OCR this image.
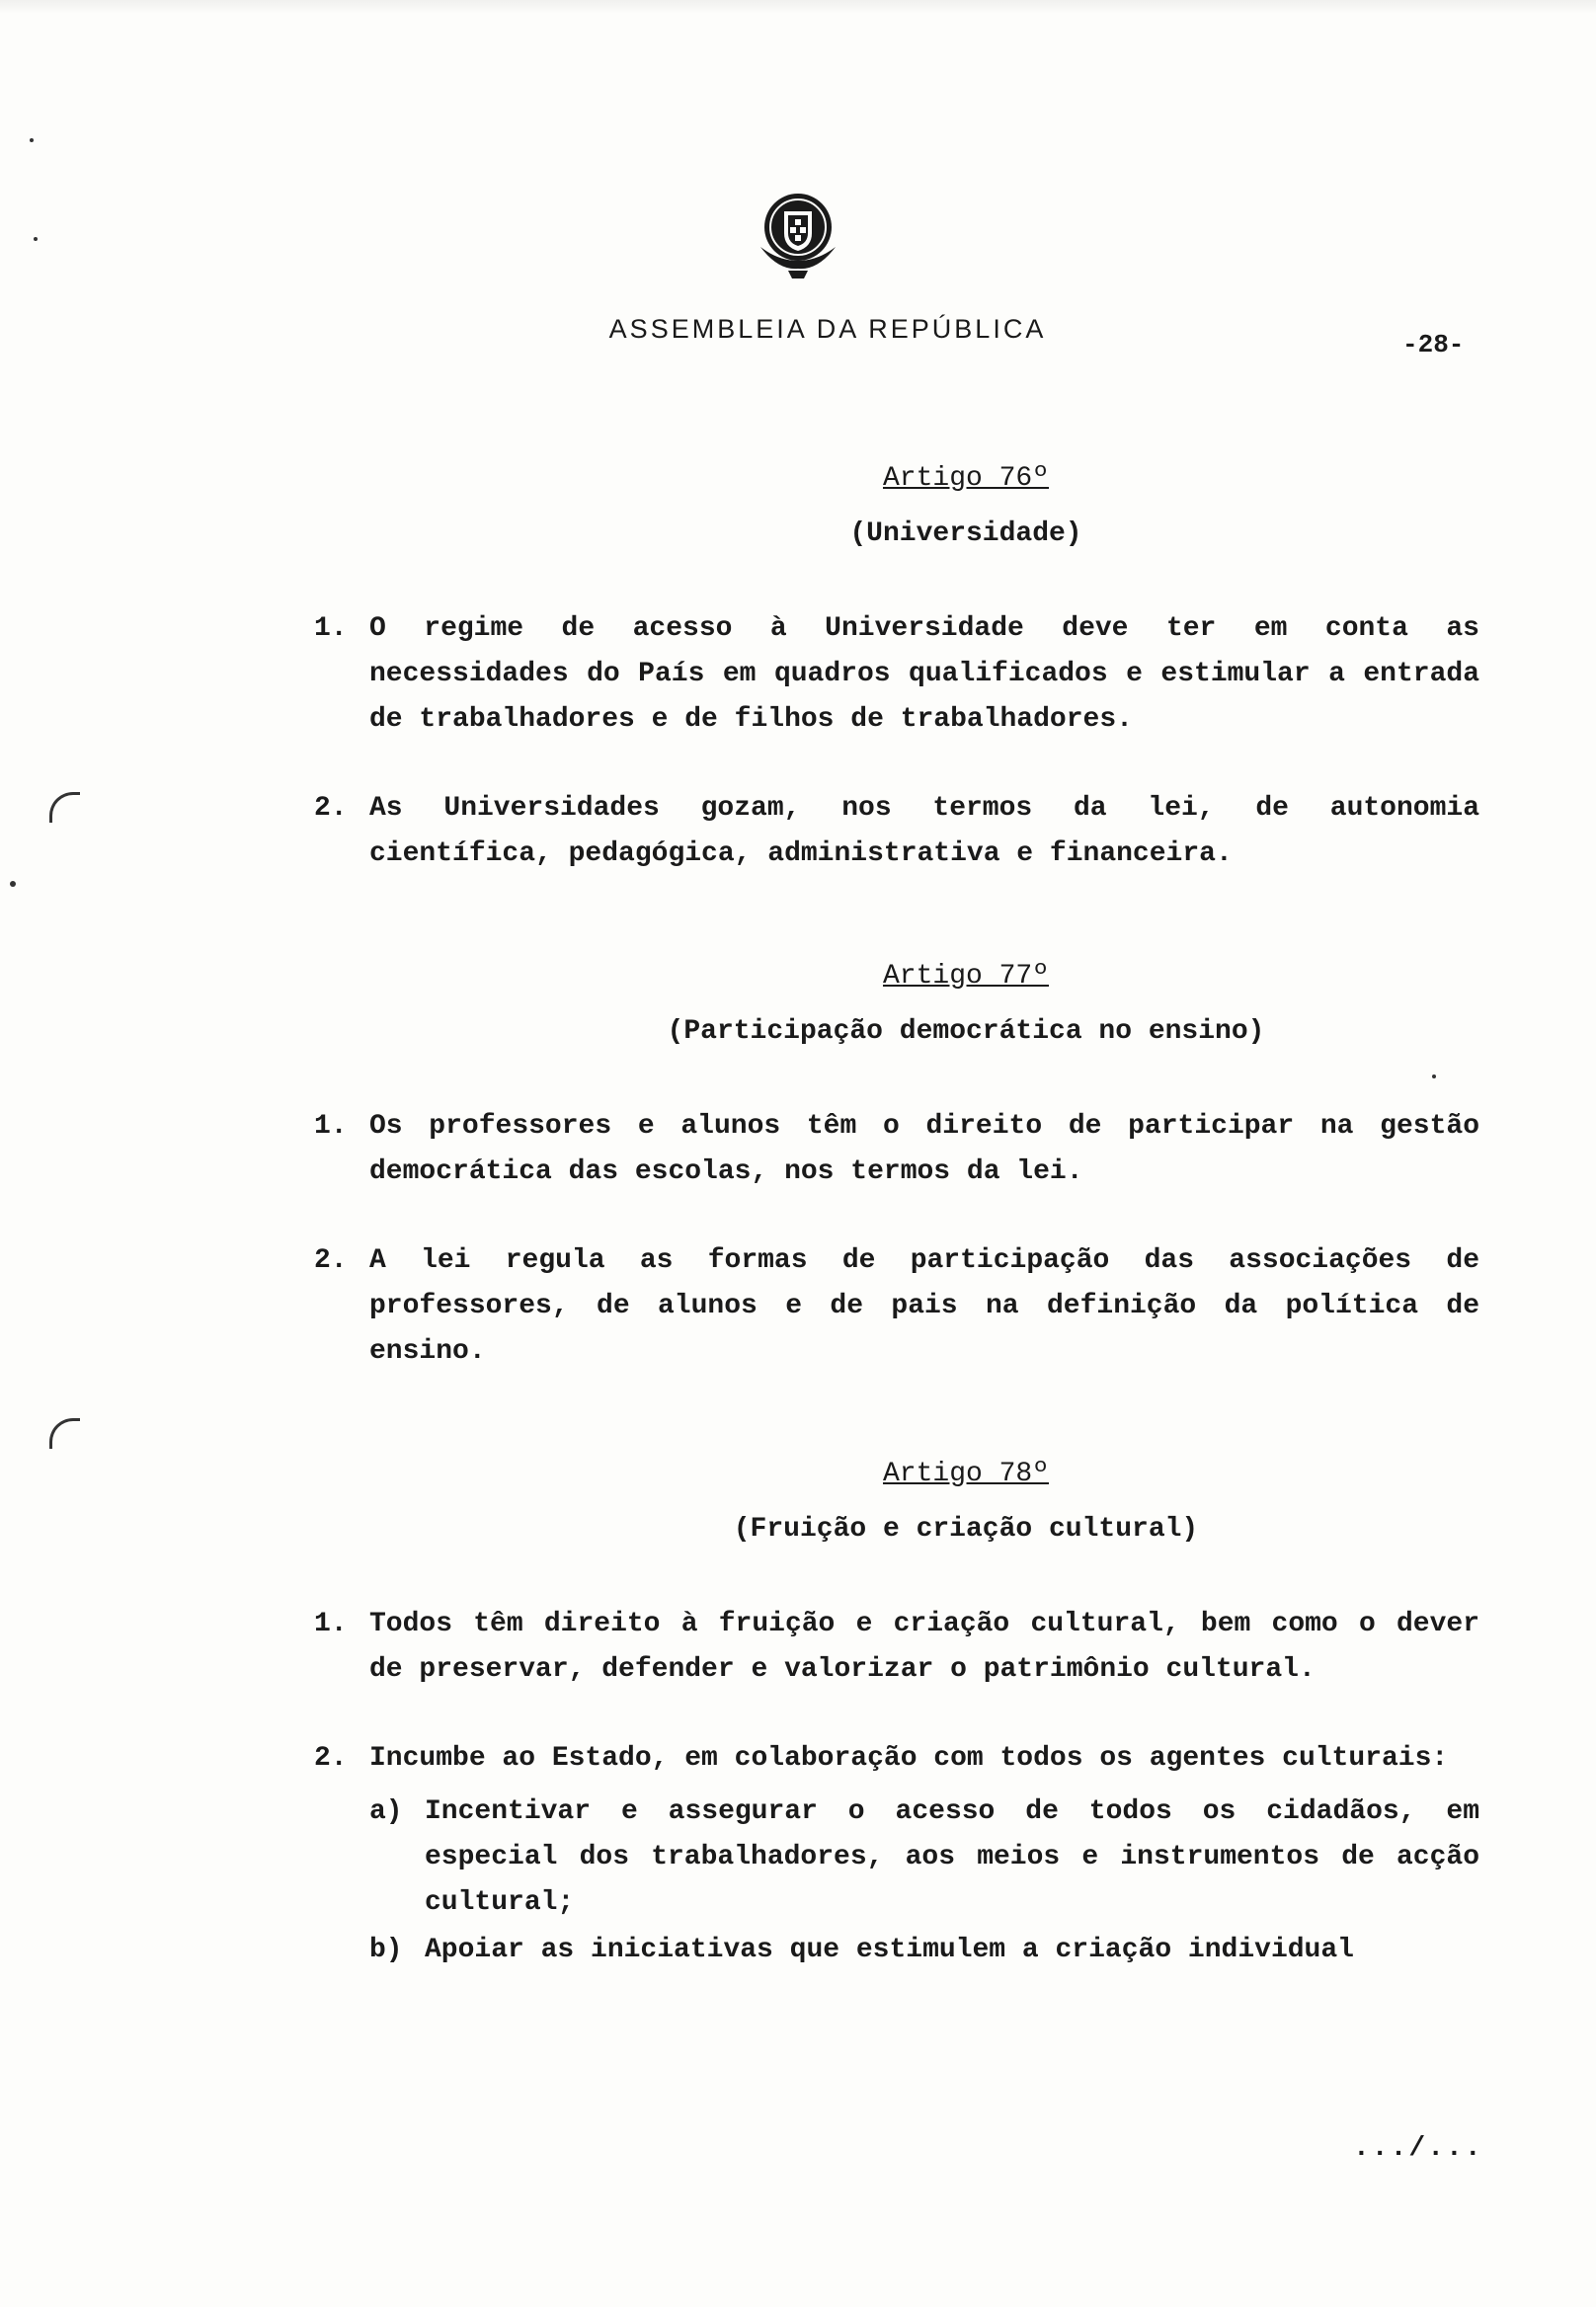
ASSEMBLEIA DA REPÚBLICA
-28-
Artigo 76º
(Universidade)
1. O regime de acesso à Universidade deve ter em conta as necessidades do País em quadros qualificados e estimular a entrada de trabalhadores e de filhos de trabalhadores.
2. As Universidades gozam, nos termos da lei, de autonomia científica, pedagógica, administrativa e financeira.
Artigo 77º
(Participação democrática no ensino)
1. Os professores e alunos têm o direito de participar na gestão democrática das escolas, nos termos da lei.
2. A lei regula as formas de participação das associações de professores, de alunos e de pais na definição da política de ensino.
Artigo 78º
(Fruição e criação cultural)
1. Todos têm direito à fruição e criação cultural, bem como o dever de preservar, defender e valorizar o patrimônio cultural.
2. Incumbe ao Estado, em colaboração com todos os agentes culturais:
a) Incentivar e assegurar o acesso de todos os cidadãos, em especial dos trabalhadores, aos meios e instrumentos de acção cultural;
b) Apoiar as iniciativas que estimulem a criação individual
.../...
